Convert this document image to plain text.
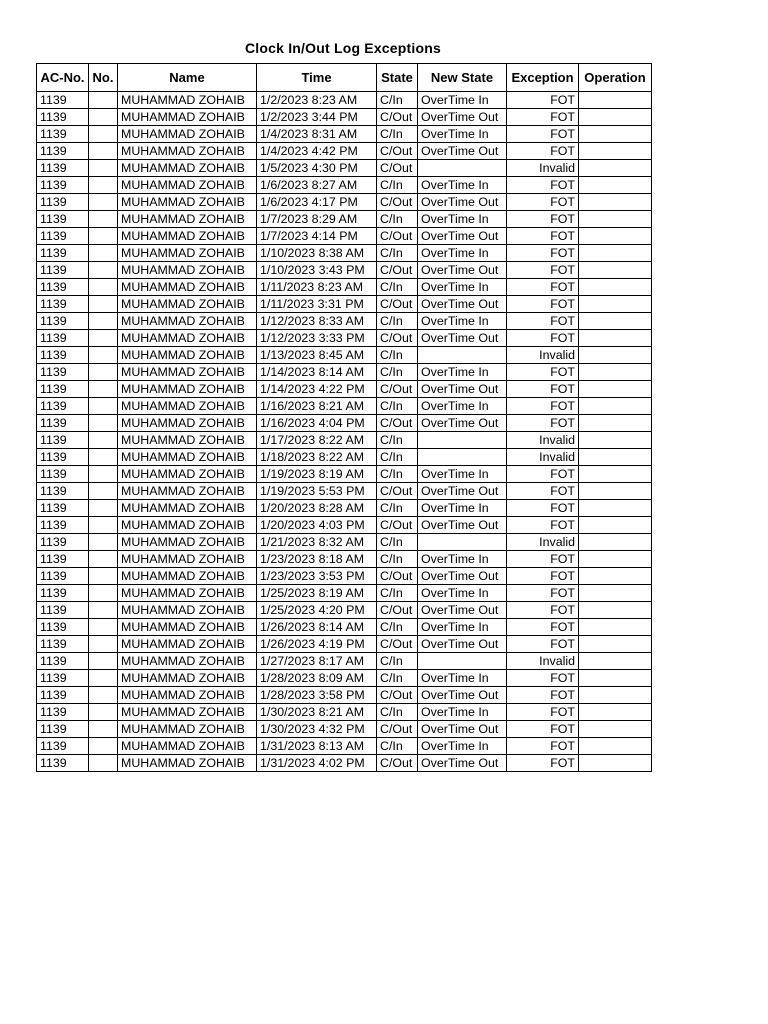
Clock In/Out Log Exceptions
AC-No.	No.	Name	Time	State	New State	Exception	Operation
1139		MUHAMMAD ZOHAIB	1/2/2023 8:23 AM	C/In	OverTime In	FOT	
1139		MUHAMMAD ZOHAIB	1/2/2023 3:44 PM	C/Out	OverTime Out	FOT	
1139		MUHAMMAD ZOHAIB	1/4/2023 8:31 AM	C/In	OverTime In	FOT	
1139		MUHAMMAD ZOHAIB	1/4/2023 4:42 PM	C/Out	OverTime Out	FOT	
1139		MUHAMMAD ZOHAIB	1/5/2023 4:30 PM	C/Out		Invalid	
1139		MUHAMMAD ZOHAIB	1/6/2023 8:27 AM	C/In	OverTime In	FOT	
1139		MUHAMMAD ZOHAIB	1/6/2023 4:17 PM	C/Out	OverTime Out	FOT	
1139		MUHAMMAD ZOHAIB	1/7/2023 8:29 AM	C/In	OverTime In	FOT	
1139		MUHAMMAD ZOHAIB	1/7/2023 4:14 PM	C/Out	OverTime Out	FOT	
1139		MUHAMMAD ZOHAIB	1/10/2023 8:38 AM	C/In	OverTime In	FOT	
1139		MUHAMMAD ZOHAIB	1/10/2023 3:43 PM	C/Out	OverTime Out	FOT	
1139		MUHAMMAD ZOHAIB	1/11/2023 8:23 AM	C/In	OverTime In	FOT	
1139		MUHAMMAD ZOHAIB	1/11/2023 3:31 PM	C/Out	OverTime Out	FOT	
1139		MUHAMMAD ZOHAIB	1/12/2023 8:33 AM	C/In	OverTime In	FOT	
1139		MUHAMMAD ZOHAIB	1/12/2023 3:33 PM	C/Out	OverTime Out	FOT	
1139		MUHAMMAD ZOHAIB	1/13/2023 8:45 AM	C/In		Invalid	
1139		MUHAMMAD ZOHAIB	1/14/2023 8:14 AM	C/In	OverTime In	FOT	
1139		MUHAMMAD ZOHAIB	1/14/2023 4:22 PM	C/Out	OverTime Out	FOT	
1139		MUHAMMAD ZOHAIB	1/16/2023 8:21 AM	C/In	OverTime In	FOT	
1139		MUHAMMAD ZOHAIB	1/16/2023 4:04 PM	C/Out	OverTime Out	FOT	
1139		MUHAMMAD ZOHAIB	1/17/2023 8:22 AM	C/In		Invalid	
1139		MUHAMMAD ZOHAIB	1/18/2023 8:22 AM	C/In		Invalid	
1139		MUHAMMAD ZOHAIB	1/19/2023 8:19 AM	C/In	OverTime In	FOT	
1139		MUHAMMAD ZOHAIB	1/19/2023 5:53 PM	C/Out	OverTime Out	FOT	
1139		MUHAMMAD ZOHAIB	1/20/2023 8:28 AM	C/In	OverTime In	FOT	
1139		MUHAMMAD ZOHAIB	1/20/2023 4:03 PM	C/Out	OverTime Out	FOT	
1139		MUHAMMAD ZOHAIB	1/21/2023 8:32 AM	C/In		Invalid	
1139		MUHAMMAD ZOHAIB	1/23/2023 8:18 AM	C/In	OverTime In	FOT	
1139		MUHAMMAD ZOHAIB	1/23/2023 3:53 PM	C/Out	OverTime Out	FOT	
1139		MUHAMMAD ZOHAIB	1/25/2023 8:19 AM	C/In	OverTime In	FOT	
1139		MUHAMMAD ZOHAIB	1/25/2023 4:20 PM	C/Out	OverTime Out	FOT	
1139		MUHAMMAD ZOHAIB	1/26/2023 8:14 AM	C/In	OverTime In	FOT	
1139		MUHAMMAD ZOHAIB	1/26/2023 4:19 PM	C/Out	OverTime Out	FOT	
1139		MUHAMMAD ZOHAIB	1/27/2023 8:17 AM	C/In		Invalid	
1139		MUHAMMAD ZOHAIB	1/28/2023 8:09 AM	C/In	OverTime In	FOT	
1139		MUHAMMAD ZOHAIB	1/28/2023 3:58 PM	C/Out	OverTime Out	FOT	
1139		MUHAMMAD ZOHAIB	1/30/2023 8:21 AM	C/In	OverTime In	FOT	
1139		MUHAMMAD ZOHAIB	1/30/2023 4:32 PM	C/Out	OverTime Out	FOT	
1139		MUHAMMAD ZOHAIB	1/31/2023 8:13 AM	C/In	OverTime In	FOT	
1139		MUHAMMAD ZOHAIB	1/31/2023 4:02 PM	C/Out	OverTime Out	FOT	
